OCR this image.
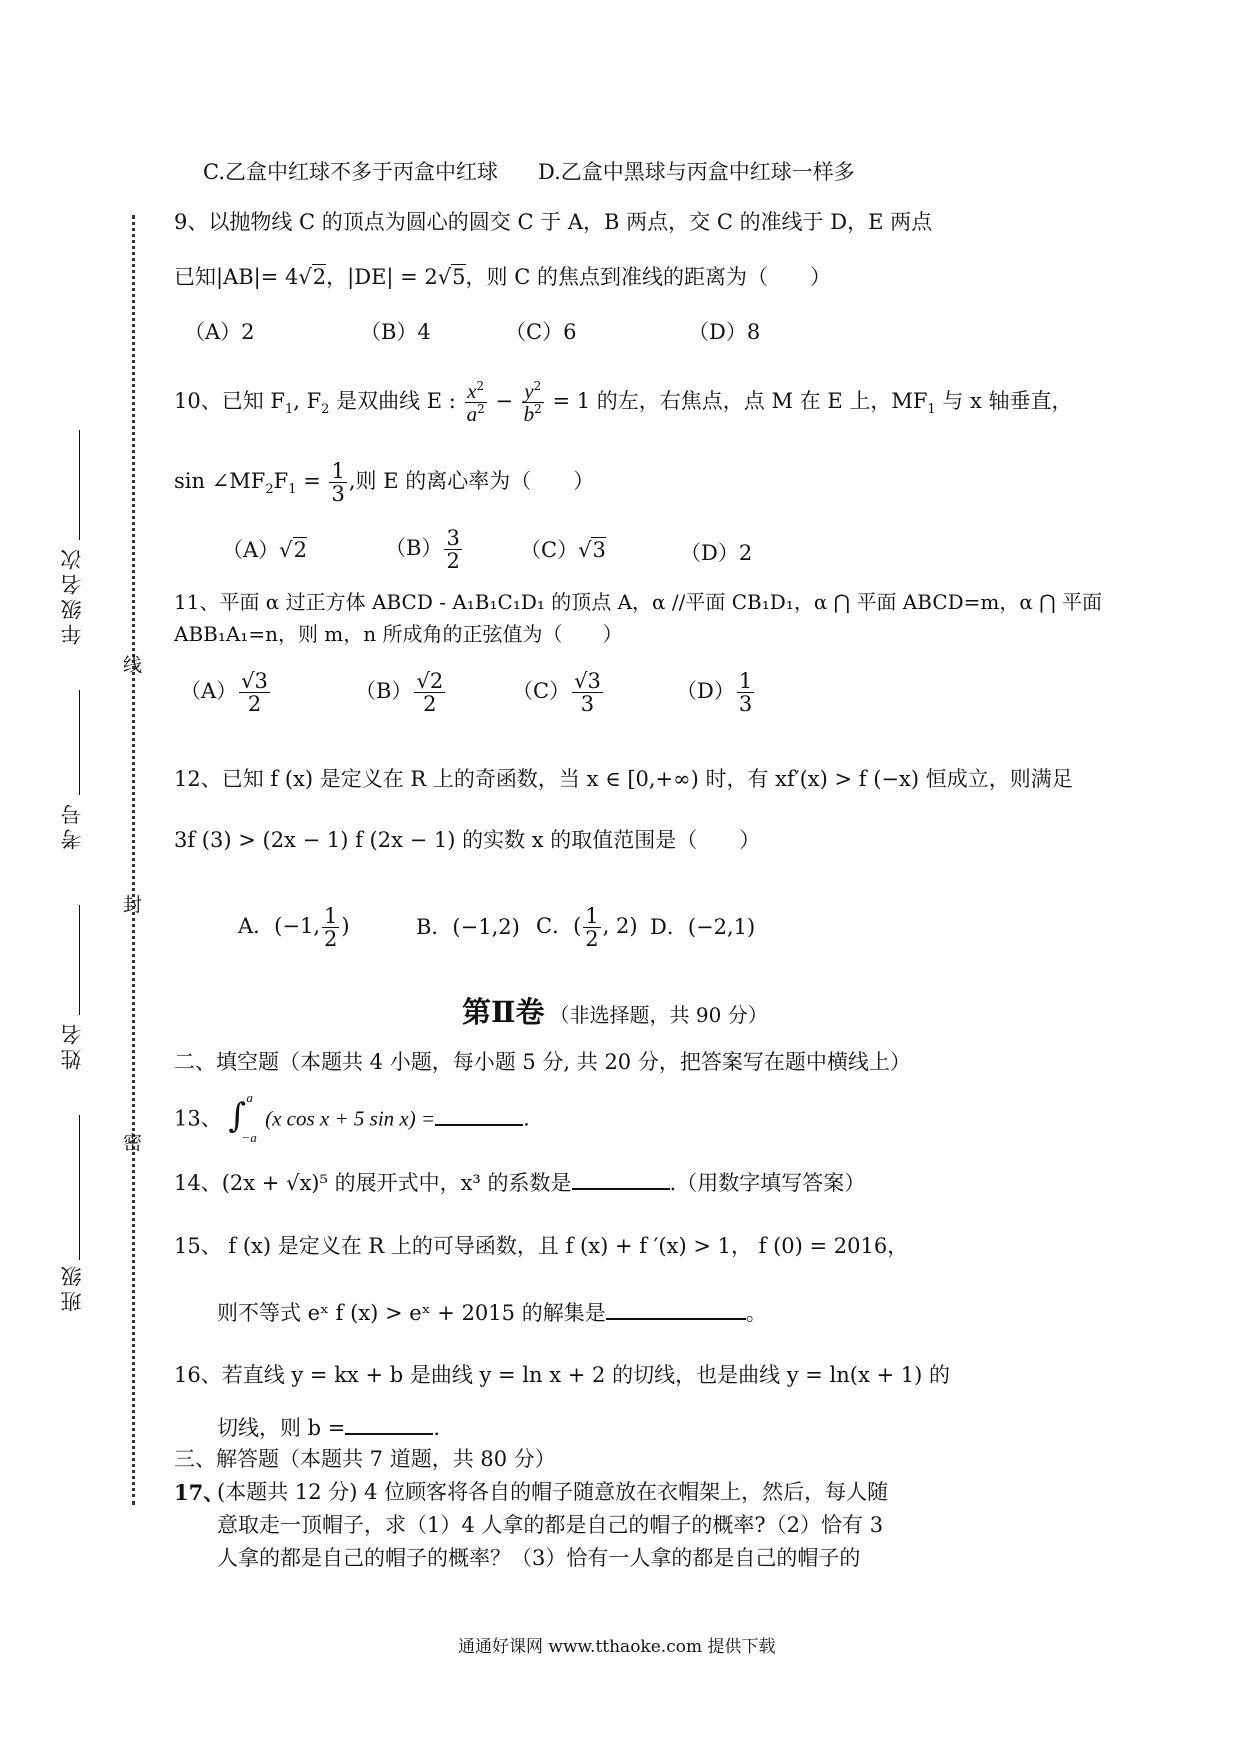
年级名次
考号
姓名
班级
线
封
密
C.乙盒中红球不多于丙盒中红球 D.乙盒中黑球与丙盒中红球一样多
9、以抛物线 C 的顶点为圆心的圆交 C 于 A，B 两点，交 C 的准线于 D，E 两点
已知|AB|= 4√2，|DE| = 2√5，则 C 的焦点到准线的距离为（　　）
（A）2	（B）4	（C）6	（D）8
10、已知 $F_1$, $F_2$ 是双曲线 E : $\frac{x^2}{a^2} - \frac{y^2}{b^2} = 1$ 的左，右焦点，点 M 在 E 上，$MF_1$ 与 x 轴垂直，
$\sin \angle MF_2F_1 = \frac{1}{3}$ ,则 E 的离心率为（　　）
（A）√2	$(B) \frac{3}{2}$	（C）√3	（D）2
11、平面 α 过正方体 ABCD - A₁B₁C₁D₁ 的顶点 A，α //平面 CB₁D₁，α ⋂ 平面 ABCD=m，α ⋂ 平面
ABB₁A₁=n，则 m，n 所成角的正弦值为（　　）
$(A) \frac{√3}{2}$	$(B) \frac{√2}{2}$	$(C) \frac{√3}{3}$	$(D) \frac{1}{3}$
12、已知 f (x) 是定义在 R 上的奇函数，当 x ∈ [0,+∞) 时，有 xf′(x) > f (−x) 恒成立，则满足
3f (3) > (2x − 1) f (2x − 1) 的实数 x 的取值范围是（　　）
A．(−1, $\frac{1}{2}$ )	B．(−1,2) C．( $\frac{1}{2}$ , 2) D．(−2,1)
第Ⅱ卷 （非选择题，共 90 分）
二、填空题（本题共 4 小题，每小题 5 分, 共 20 分，把答案写在题中横线上）
13、 ∫ a
−a
(x cos x + 5 sin x) =	.
14、(2x + √x)⁵ 的展开式中，x³ 的系数是	.（用数字填写答案）
15、 f (x) 是定义在 R 上的可导函数，且 f (x) + f ′(x) > 1， f (0) = 2016，
则不等式 eˣ f (x) > eˣ + 2015 的解集是	。
16、若直线 y = kx + b 是曲线 y = ln x + 2 的切线，也是曲线 y = ln(x + 1) 的
切线，则 b =	.
三、解答题（本题共 7 道题，共 80 分）
17、
(本题共 12 分) 4 位顾客将各自的帽子随意放在衣帽架上，然后，每人随
意取走一顶帽子，求（1）4 人拿的都是自己的帽子的概率?（2）恰有 3
人拿的都是自己的帽子的概率？（3）恰有一人拿的都是自己的帽子的
通通好课网 www.tthaoke.com 提供下载
